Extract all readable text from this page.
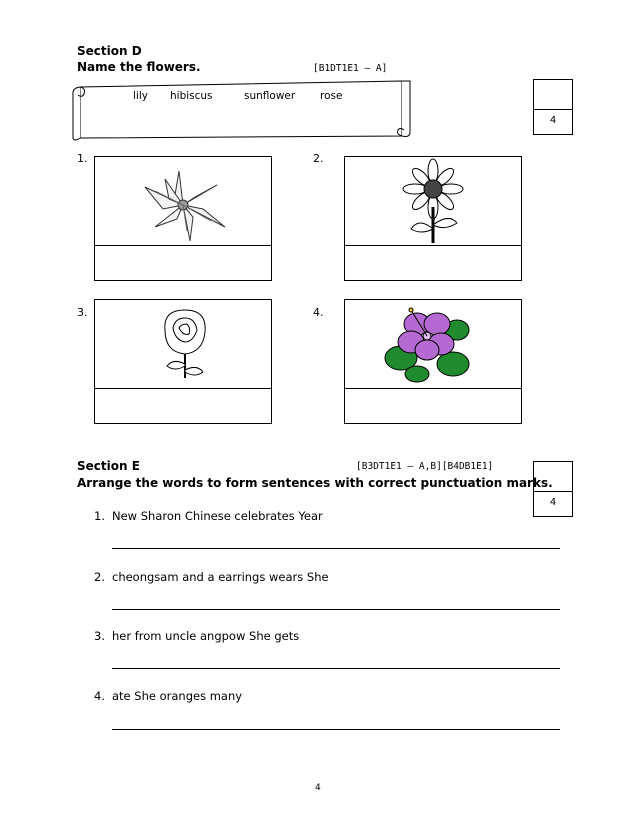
Section D
Name the flowers.	[B1DT1E1 – A]
lily hibiscus	sunflower rose
4
1.	2.
3.	4.
Section E	[B3DT1E1 – A,B][B4DB1E1]
Arrange the words to form sentences with correct punctuation marks.
4
1. New Sharon Chinese celebrates Year
2. cheongsam and a earrings wears She
3. her from uncle angpow She gets
4. ate She oranges many
4
